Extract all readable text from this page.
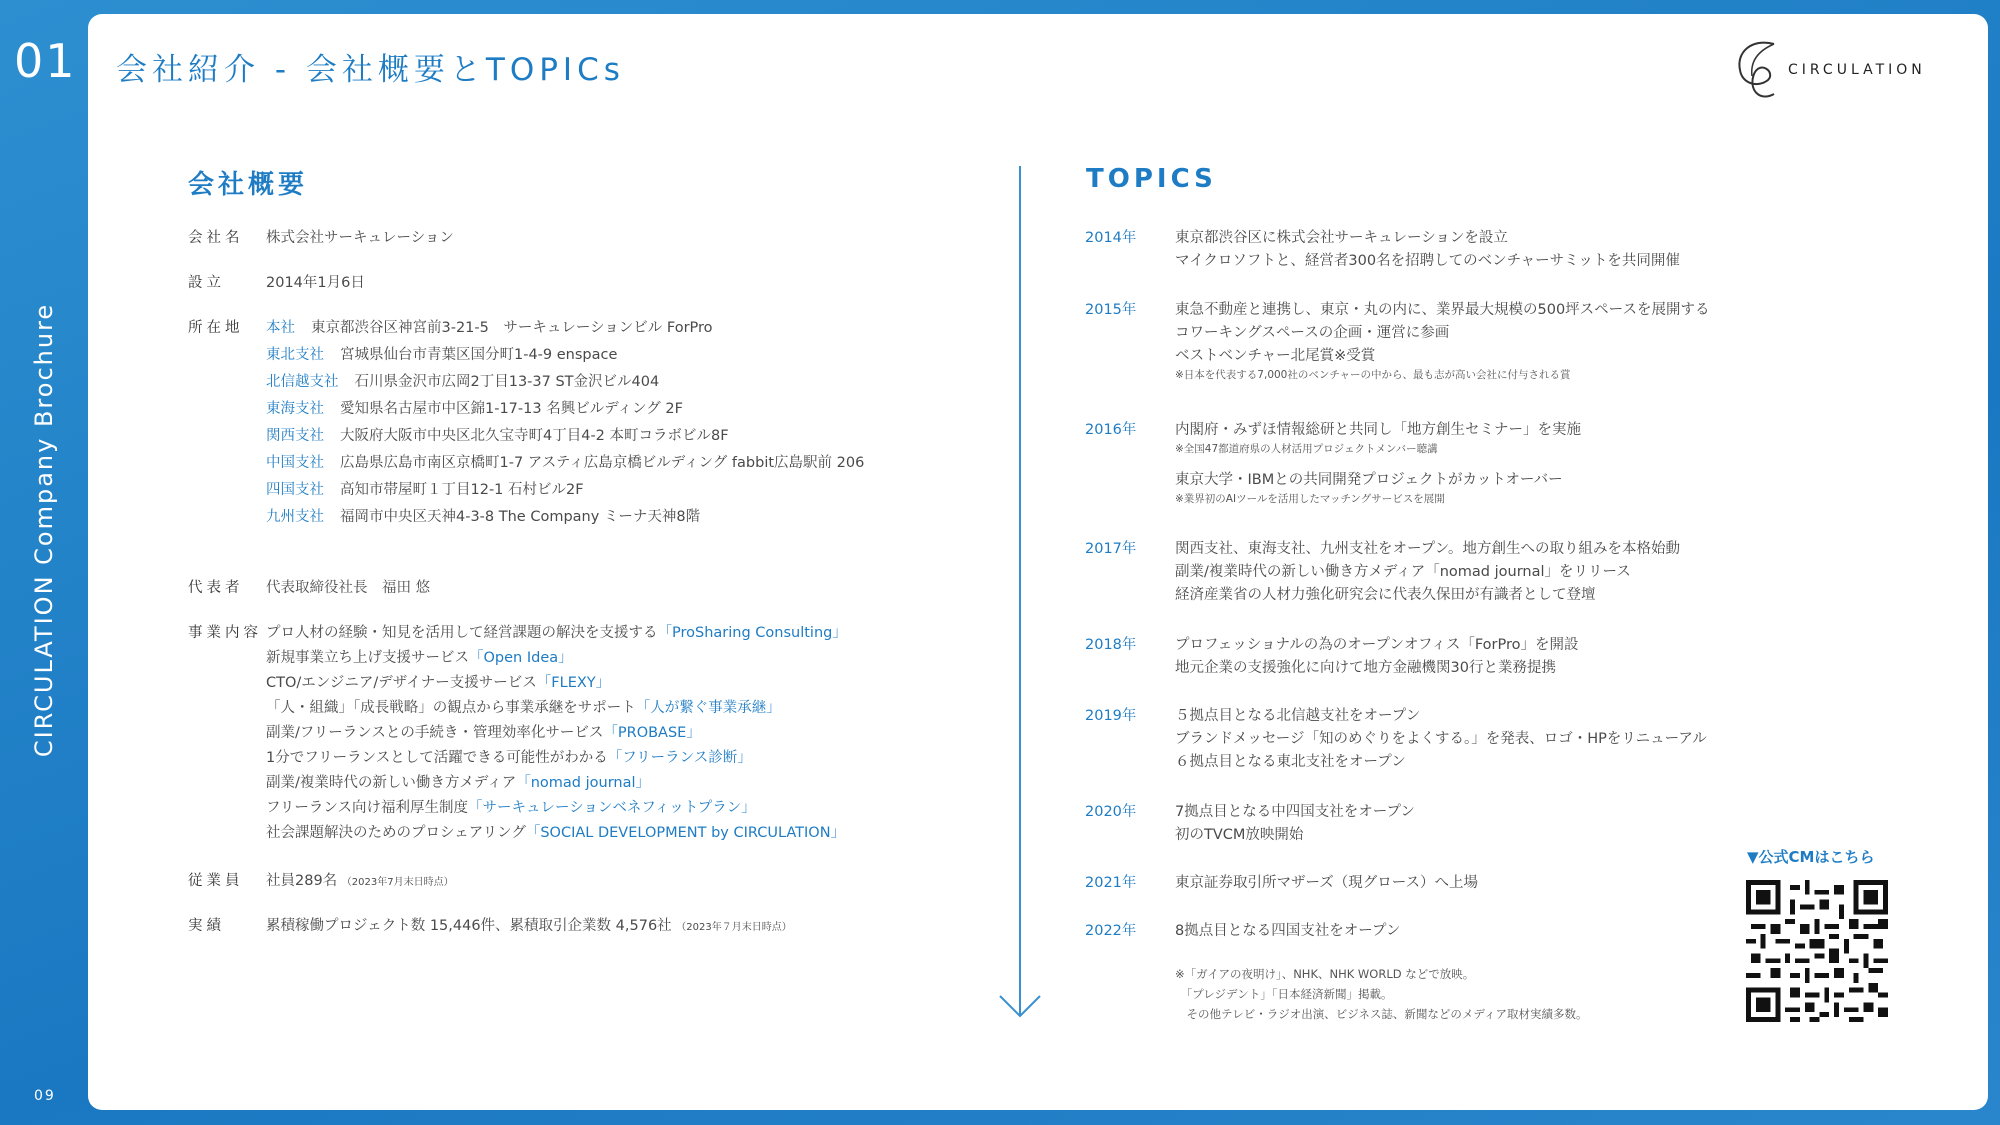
01
CIRCULATION Company Brochure
09
会社紹介 - 会社概要とTOPICs	CIRCULATION
会社概要
会社名	株式会社サーキュレーション
設立	2014年1月6日
所在地	本社 東京都渋谷区神宮前3-21-5　サーキュレーションビル ForPro
東北支社 宮城県仙台市青葉区国分町1-4-9 enspace
北信越支社 石川県金沢市広岡2丁目13-37 ST金沢ビル404
東海支社 愛知県名古屋市中区錦1-17-13 名興ビルディング 2F
関西支社 大阪府大阪市中央区北久宝寺町4丁目4-2 本町コラボビル8F
中国支社 広島県広島市南区京橋町1-7 アスティ広島京橋ビルディング fabbit広島駅前 206
四国支社 高知市帯屋町１丁目12-1 石村ビル2F
九州支社 福岡市中央区天神4-3-8 The Company ミーナ天神8階
代表者	代表取締役社長　福田 悠
事業内容 プロ人材の経験・知見を活用して経営課題の解決を支援する「ProSharing Consulting」
新規事業立ち上げ支援サービス「Open Idea」
CTO/エンジニア/デザイナー支援サービス「FLEXY」
「人・組織」「成長戦略」の観点から事業承継をサポート「人が繋ぐ事業承継」
副業/フリーランスとの手続き・管理効率化サービス「PROBASE」
1分でフリーランスとして活躍できる可能性がわかる「フリーランス診断」
副業/複業時代の新しい働き方メディア「nomad journal」
フリーランス向け福利厚生制度「サーキュレーションベネフィットプラン」
社会課題解決のためのプロシェアリング「SOCIAL DEVELOPMENT by CIRCULATION」
従業員	社員289名 （2023年7月末日時点）
実績	累積稼働プロジェクト数 15,446件、累積取引企業数 4,576社 （2023年７月末日時点）
TOPICS
2014年	東京都渋谷区に株式会社サーキュレーションを設立
マイクロソフトと、経営者300名を招聘してのベンチャーサミットを共同開催
2015年	東急不動産と連携し、東京・丸の内に、業界最大規模の500坪スペースを展開する
コワーキングスペースの企画・運営に参画
ベストベンチャー北尾賞※受賞
※日本を代表する7,000社のベンチャーの中から、最も志が高い会社に付与される賞
2016年	内閣府・みずほ情報総研と共同し「地方創生セミナー」を実施
※全国47都道府県の人材活用プロジェクトメンバー聴講
東京大学・IBMとの共同開発プロジェクトがカットオーバー
※業界初のAIツールを活用したマッチングサービスを展開
2017年	関西支社、東海支社、九州支社をオープン。地方創生への取り組みを本格始動
副業/複業時代の新しい働き方メディア「nomad journal」をリリース
経済産業省の人材力強化研究会に代表久保田が有識者として登壇
2018年	プロフェッショナルの為のオープンオフィス「ForPro」を開設
地元企業の支援強化に向けて地方金融機関30行と業務提携
2019年	５拠点目となる北信越支社をオープン
ブランドメッセージ「知のめぐりをよくする。」を発表、ロゴ・HPをリニューアル
６拠点目となる東北支社をオープン
2020年	7拠点目となる中四国支社をオープン
初のTVCM放映開始
2021年	東京証券取引所マザーズ（現グロース）へ上場
2022年	8拠点目となる四国支社をオープン
※「ガイアの夜明け」、NHK、NHK WORLD などで放映。
　「プレジデント」「日本経済新聞」掲載。
　その他テレビ・ラジオ出演、ビジネス誌、新聞などのメディア取材実績多数。
▼公式CMはこちら
